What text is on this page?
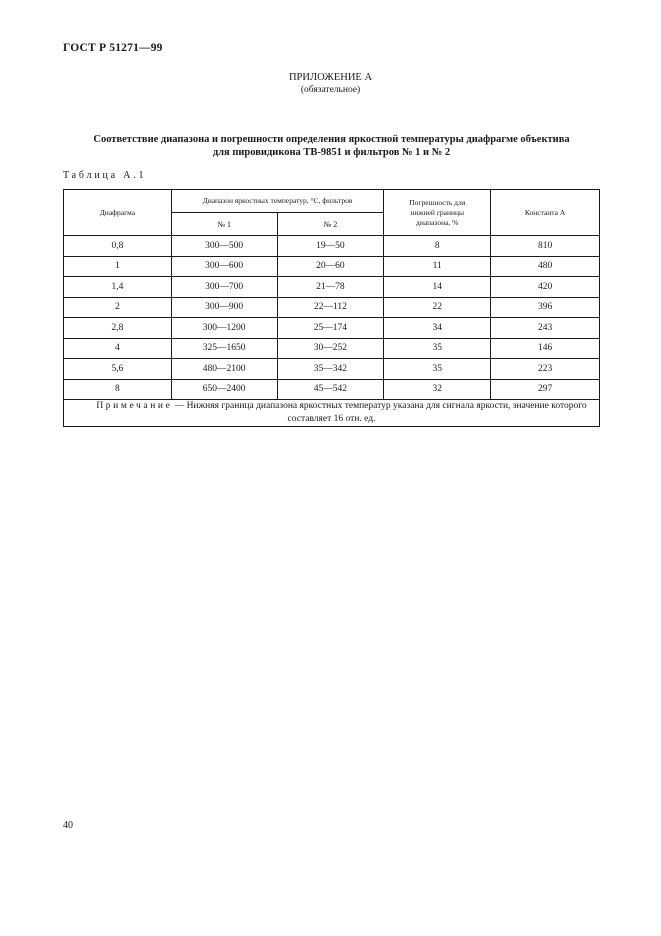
ГОСТ Р 51271—99
ПРИЛОЖЕНИЕ А
(обязательное)
Соответствие диапазона и погрешности определения яркостной температуры диафрагме объектива
для пировидикона ТВ-9851 и фильтров № 1 и № 2
Таблица А.1
Диафрагма	Диапазон яркостных температур, °С, фильтров		Погрешность для нижней границы диапазона, %	Константа А
	№ 1	№ 2		
0,8	300—500	19—50	8	810
1	300—600	20—60	11	480
1,4	300—700	21—78	14	420
2	300—900	22—112	22	396
2,8	300—1200	25—174	34	243
4	325—1650	30—252	35	146
5,6	480—2100	35—342	35	223
8	650—2400	45—542	32	297
Примечание — Нижняя граница диапазона яркостных температур указана для сигнала яркости, значение которого составляет 16 отн. ед.				
40
